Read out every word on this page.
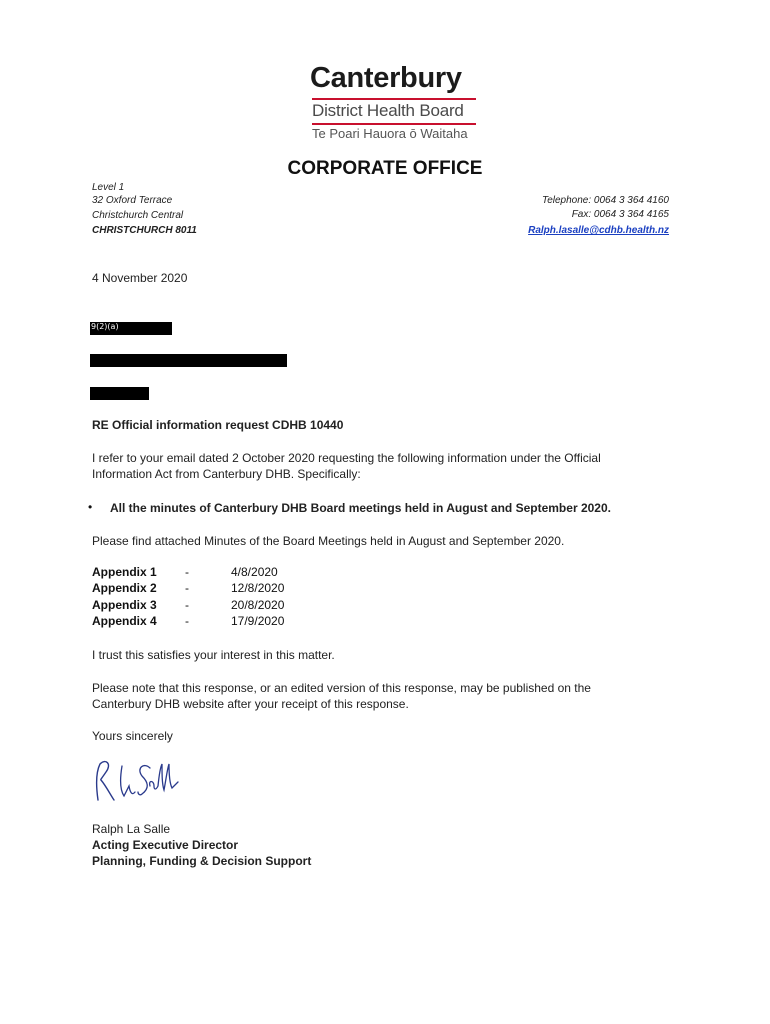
Canterbury
District Health Board
Te Poari Hauora ō Waitaha
CORPORATE OFFICE
Level 1
32 Oxford Terrace
Christchurch Central
CHRISTCHURCH 8011
Telephone: 0064 3 364 4160
Fax: 0064 3 364 4165
Ralph.lasalle@cdhb.health.nz
4 November 2020
9(2)(a)
RE Official information request CDHB 10440
I refer to your email dated 2 October 2020 requesting the following information under the Official
Information Act from Canterbury DHB. Specifically:
• All the minutes of Canterbury DHB Board meetings held in August and September 2020.
Please find attached Minutes of the Board Meetings held in August and September 2020.
Appendix 1 -	4/8/2020
Appendix 2 -	12/8/2020
Appendix 3 -	20/8/2020
Appendix 4 -	17/9/2020
I trust this satisfies your interest in this matter.
Please note that this response, or an edited version of this response, may be published on the
Canterbury DHB website after your receipt of this response.
Yours sincerely
Ralph La Salle
Acting Executive Director
Planning, Funding & Decision Support
